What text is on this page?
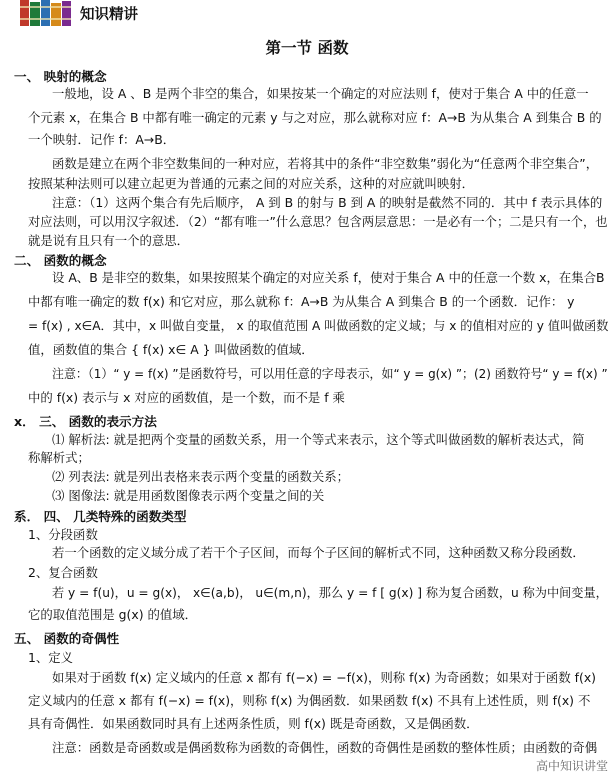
知识精讲
第一节 函数
一、 映射的概念
一般地，设 A 、B 是两个非空的集合，如果按某一个确定的对应法则 f，使对于集合 A 中的任意一
个元素 x，在集合 B 中都有唯一确定的元素 y 与之对应，那么就称对应 f：A→B 为从集合 A 到集合 B 的
一个映射．记作 f：A→B．
函数是建立在两个非空数集间的一种对应，若将其中的条件“非空数集”弱化为“任意两个非空集合”，
按照某种法则可以建立起更为普通的元素之间的对应关系，这种的对应就叫映射．
注意：（1）这两个集合有先后顺序， A 到 B 的射与 B 到 A 的映射是截然不同的．其中 f 表示具体的
对应法则，可以用汉字叙述．（2）“都有唯一”什么意思？包含两层意思：一是必有一个；二是只有一个，也
就是说有且只有一个的意思．
二、 函数的概念
设 A、B 是非空的数集，如果按照某个确定的对应关系 f，使对于集合 A 中的任意一个数 x，在集合B
中都有唯一确定的数 f(x) 和它对应，那么就称 f：A→B 为从集合 A 到集合 B 的一个函数．记作： y
= f(x) , x∈A．其中，x 叫做自变量， x 的取值范围 A 叫做函数的定义域；与 x 的值相对应的 y 值叫做函数
值，函数值的集合 { f(x) x∈ A } 叫做函数的值域．
注意：（1）“ y = f(x) ”是函数符号，可以用任意的字母表示，如“ y = g(x) ”；(2) 函数符号“ y = f(x) ”
中的 f(x) 表示与 x 对应的函数值，是一个数，而不是 f 乘
x． 三、 函数的表示方法
⑴ 解析法: 就是把两个变量的函数关系，用一个等式来表示，这个等式叫做函数的解析表达式，简
称解析式；
⑵ 列表法: 就是列出表格来表示两个变量的函数关系；
⑶ 图像法: 就是用函数图像表示两个变量之间的关
系． 四、 几类特殊的函数类型
1、分段函数
若一个函数的定义域分成了若干个子区间，而每个子区间的解析式不同，这种函数又称分段函数．
2、复合函数
若 y = f(u)，u = g(x)， x∈(a,b)， u∈(m,n)，那么 y = f [ g(x) ] 称为复合函数，u 称为中间变量，
它的取值范围是 g(x) 的值域．
五、 函数的奇偶性
1、定义
如果对于函数 f(x) 定义域内的任意 x 都有 f(−x) = −f(x)，则称 f(x) 为奇函数；如果对于函数 f(x)
定义域内的任意 x 都有 f(−x) = f(x)，则称 f(x) 为偶函数．如果函数 f(x) 不具有上述性质，则 f(x) 不
具有奇偶性．如果函数同时具有上述两条性质，则 f(x) 既是奇函数，又是偶函数．
注意：函数是奇函数或是偶函数称为函数的奇偶性，函数的奇偶性是函数的整体性质；由函数的奇偶
高中知识讲堂
